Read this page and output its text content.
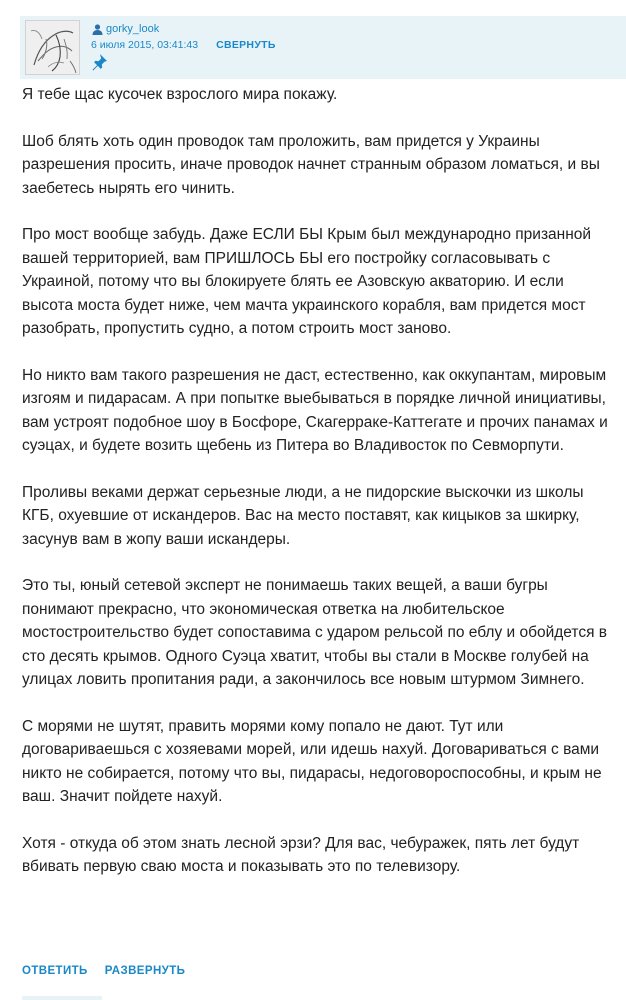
gorky_look
6 июля 2015, 03:41:43 СВЕРНУТЬ

Я тебе щас кусочек взрослого мира покажу.

Шоб блять хоть один проводок там проложить, вам придется у Украины разрешения просить, иначе проводок начнет странным образом ломаться, и вы заебетесь нырять его чинить.

Про мост вообще забудь. Даже ЕСЛИ БЫ Крым был международно призанной вашей территорией, вам ПРИШЛОСЬ БЫ его постройку согласовывать с Украиной, потому что вы блокируете блять ее Азовскую акваторию. И если высота моста будет ниже, чем мачта украинского корабля, вам придется мост разобрать, пропустить судно, а потом строить мост заново.

Но никто вам такого разрешения не даст, естественно, как оккупантам, мировым изгоям и пидарасам. А при попытке выебываться в порядке личной инициативы, вам устроят подобное шоу в Босфоре, Скагерраке-Каттегате и прочих панамах и суэцах, и будете возить щебень из Питера во Владивосток по Севморпути.

Проливы веками держат серьезные люди, а не пидорские выскочки из школы КГБ, охуевшие от искандеров. Вас на место поставят, как кицыков за шкирку, засунув вам в жопу ваши искандеры.

Это ты, юный сетевой эксперт не понимаешь таких вещей, а ваши бугры понимают прекрасно, что экономическая ответка на любительское мостостроительство будет сопоставима с ударом рельсой по еблу и обойдется в сто десять крымов. Одного Суэца хватит, чтобы вы стали в Москве голубей на улицах ловить пропитания ради, а закончилось все новым штурмом Зимнего.

С морями не шутят, править морями кому попало не дают. Тут или договариваешься с хозяевами морей, или идешь нахуй. Договариваться с вами никто не собирается, потому что вы, пидарасы, недоговороспособны, и крым не ваш. Значит пойдете нахуй.

Хотя - откуда об этом знать лесной эрзи? Для вас, чебуражек, пять лет будут вбивать первую сваю моста и показывать это по телевизору.

ОТВЕТИТЬ РАЗВЕРНУТЬ
